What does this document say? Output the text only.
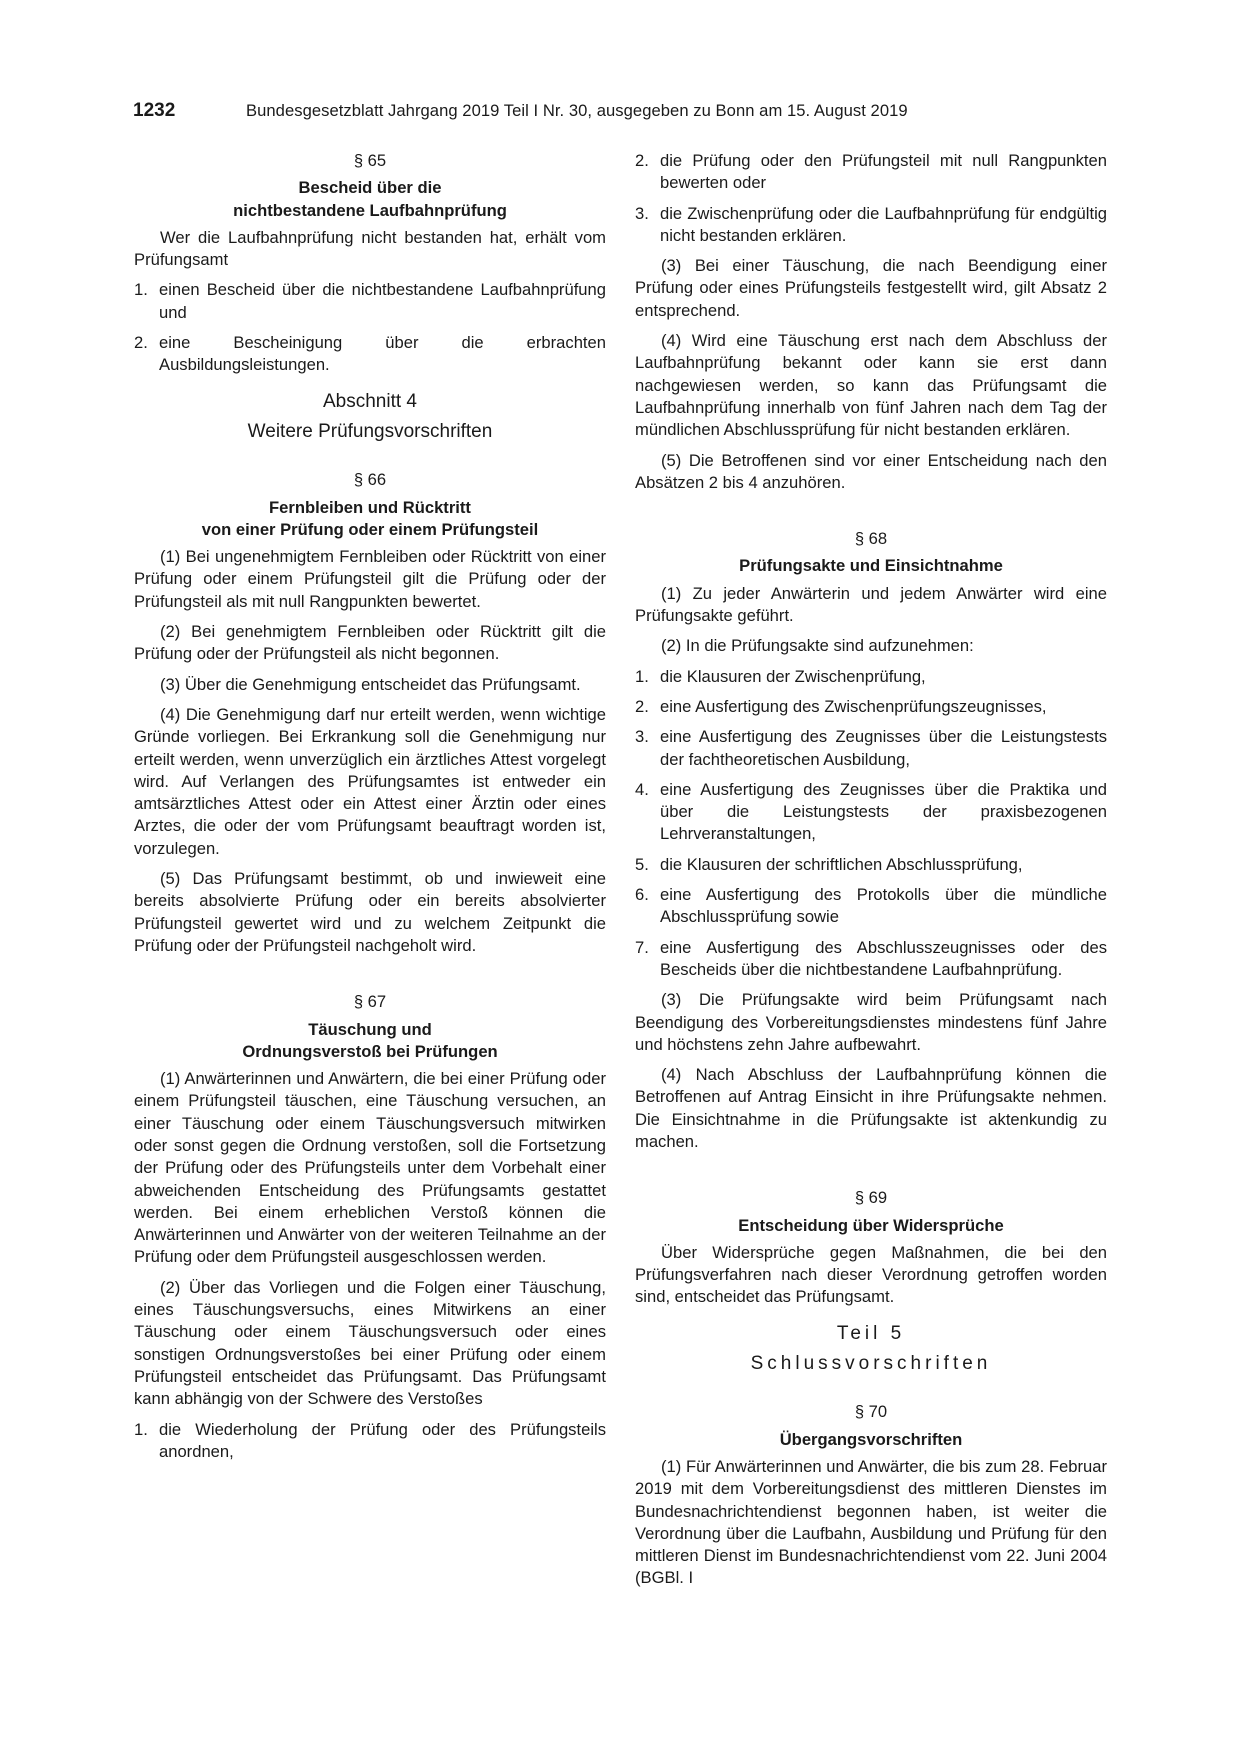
1232	Bundesgesetzblatt Jahrgang 2019 Teil I Nr. 30, ausgegeben zu Bonn am 15. August 2019
§ 65
Bescheid über die
nichtbestandene Laufbahnprüfung

Wer die Laufbahnprüfung nicht bestanden hat, erhält vom Prüfungsamt

1. einen Bescheid über die nichtbestandene Laufbahnprüfung und
2. eine Bescheinigung über die erbrachten Ausbildungsleistungen.
Abschnitt 4
Weitere Prüfungsvorschriften
§ 66
Fernbleiben und Rücktritt
von einer Prüfung oder einem Prüfungsteil

(1) Bei ungenehmigtem Fernbleiben oder Rücktritt von einer Prüfung oder einem Prüfungsteil gilt die Prüfung oder der Prüfungsteil als mit null Rangpunkten bewertet.

(2) Bei genehmigtem Fernbleiben oder Rücktritt gilt die Prüfung oder der Prüfungsteil als nicht begonnen.

(3) Über die Genehmigung entscheidet das Prüfungsamt.

(4) Die Genehmigung darf nur erteilt werden, wenn wichtige Gründe vorliegen. Bei Erkrankung soll die Genehmigung nur erteilt werden, wenn unverzüglich ein ärztliches Attest vorgelegt wird. Auf Verlangen des Prüfungsamtes ist entweder ein amtsärztliches Attest oder ein Attest einer Ärztin oder eines Arztes, die oder der vom Prüfungsamt beauftragt worden ist, vorzulegen.

(5) Das Prüfungsamt bestimmt, ob und inwieweit eine bereits absolvierte Prüfung oder ein bereits absolvierter Prüfungsteil gewertet wird und zu welchem Zeitpunkt die Prüfung oder der Prüfungsteil nachgeholt wird.

§ 67
Täuschung und
Ordnungsverstoß bei Prüfungen

(1) Anwärterinnen und Anwärtern, die bei einer Prüfung oder einem Prüfungsteil täuschen, eine Täuschung versuchen, an einer Täuschung oder einem Täuschungsversuch mitwirken oder sonst gegen die Ordnung verstoßen, soll die Fortsetzung der Prüfung oder des Prüfungsteils unter dem Vorbehalt einer abweichenden Entscheidung des Prüfungsamts gestattet werden. Bei einem erheblichen Verstoß können die Anwärterinnen und Anwärter von der weiteren Teilnahme an der Prüfung oder dem Prüfungsteil ausgeschlossen werden.

(2) Über das Vorliegen und die Folgen einer Täuschung, eines Täuschungsversuchs, eines Mitwirkens an einer Täuschung oder einem Täuschungsversuch oder eines sonstigen Ordnungsverstoßes bei einer Prüfung oder einem Prüfungsteil entscheidet das Prüfungsamt. Das Prüfungsamt kann abhängig von der Schwere des Verstoßes

1. die Wiederholung der Prüfung oder des Prüfungsteils anordnen,
2. die Prüfung oder den Prüfungsteil mit null Rangpunkten bewerten oder
3. die Zwischenprüfung oder die Laufbahnprüfung für endgültig nicht bestanden erklären.

(3) Bei einer Täuschung, die nach Beendigung einer Prüfung oder eines Prüfungsteils festgestellt wird, gilt Absatz 2 entsprechend.

(4) Wird eine Täuschung erst nach dem Abschluss der Laufbahnprüfung bekannt oder kann sie erst dann nachgewiesen werden, so kann das Prüfungsamt die Laufbahnprüfung innerhalb von fünf Jahren nach dem Tag der mündlichen Abschlussprüfung für nicht bestanden erklären.

(5) Die Betroffenen sind vor einer Entscheidung nach den Absätzen 2 bis 4 anzuhören.

§ 68
Prüfungsakte und Einsichtnahme

(1) Zu jeder Anwärterin und jedem Anwärter wird eine Prüfungsakte geführt.

(2) In die Prüfungsakte sind aufzunehmen:

1. die Klausuren der Zwischenprüfung,
2. eine Ausfertigung des Zwischenprüfungszeugnisses,
3. eine Ausfertigung des Zeugnisses über die Leistungstests der fachtheoretischen Ausbildung,
4. eine Ausfertigung des Zeugnisses über die Praktika und über die Leistungstests der praxisbezogenen Lehrveranstaltungen,
5. die Klausuren der schriftlichen Abschlussprüfung,
6. eine Ausfertigung des Protokolls über die mündliche Abschlussprüfung sowie
7. eine Ausfertigung des Abschlusszeugnisses oder des Bescheids über die nichtbestandene Laufbahnprüfung.

(3) Die Prüfungsakte wird beim Prüfungsamt nach Beendigung des Vorbereitungsdienstes mindestens fünf Jahre und höchstens zehn Jahre aufbewahrt.

(4) Nach Abschluss der Laufbahnprüfung können die Betroffenen auf Antrag Einsicht in ihre Prüfungsakte nehmen. Die Einsichtnahme in die Prüfungsakte ist aktenkundig zu machen.

§ 69
Entscheidung über Widersprüche

Über Widersprüche gegen Maßnahmen, die bei den Prüfungsverfahren nach dieser Verordnung getroffen worden sind, entscheidet das Prüfungsamt.

Teil 5
Schlussvorschriften
§ 70
Übergangsvorschriften

(1) Für Anwärterinnen und Anwärter, die bis zum 28. Februar 2019 mit dem Vorbereitungsdienst des mittleren Dienstes im Bundesnachrichtendienst begonnen haben, ist weiter die Verordnung über die Laufbahn, Ausbildung und Prüfung für den mittleren Dienst im Bundesnachrichtendienst vom 22. Juni 2004 (BGBl. I
